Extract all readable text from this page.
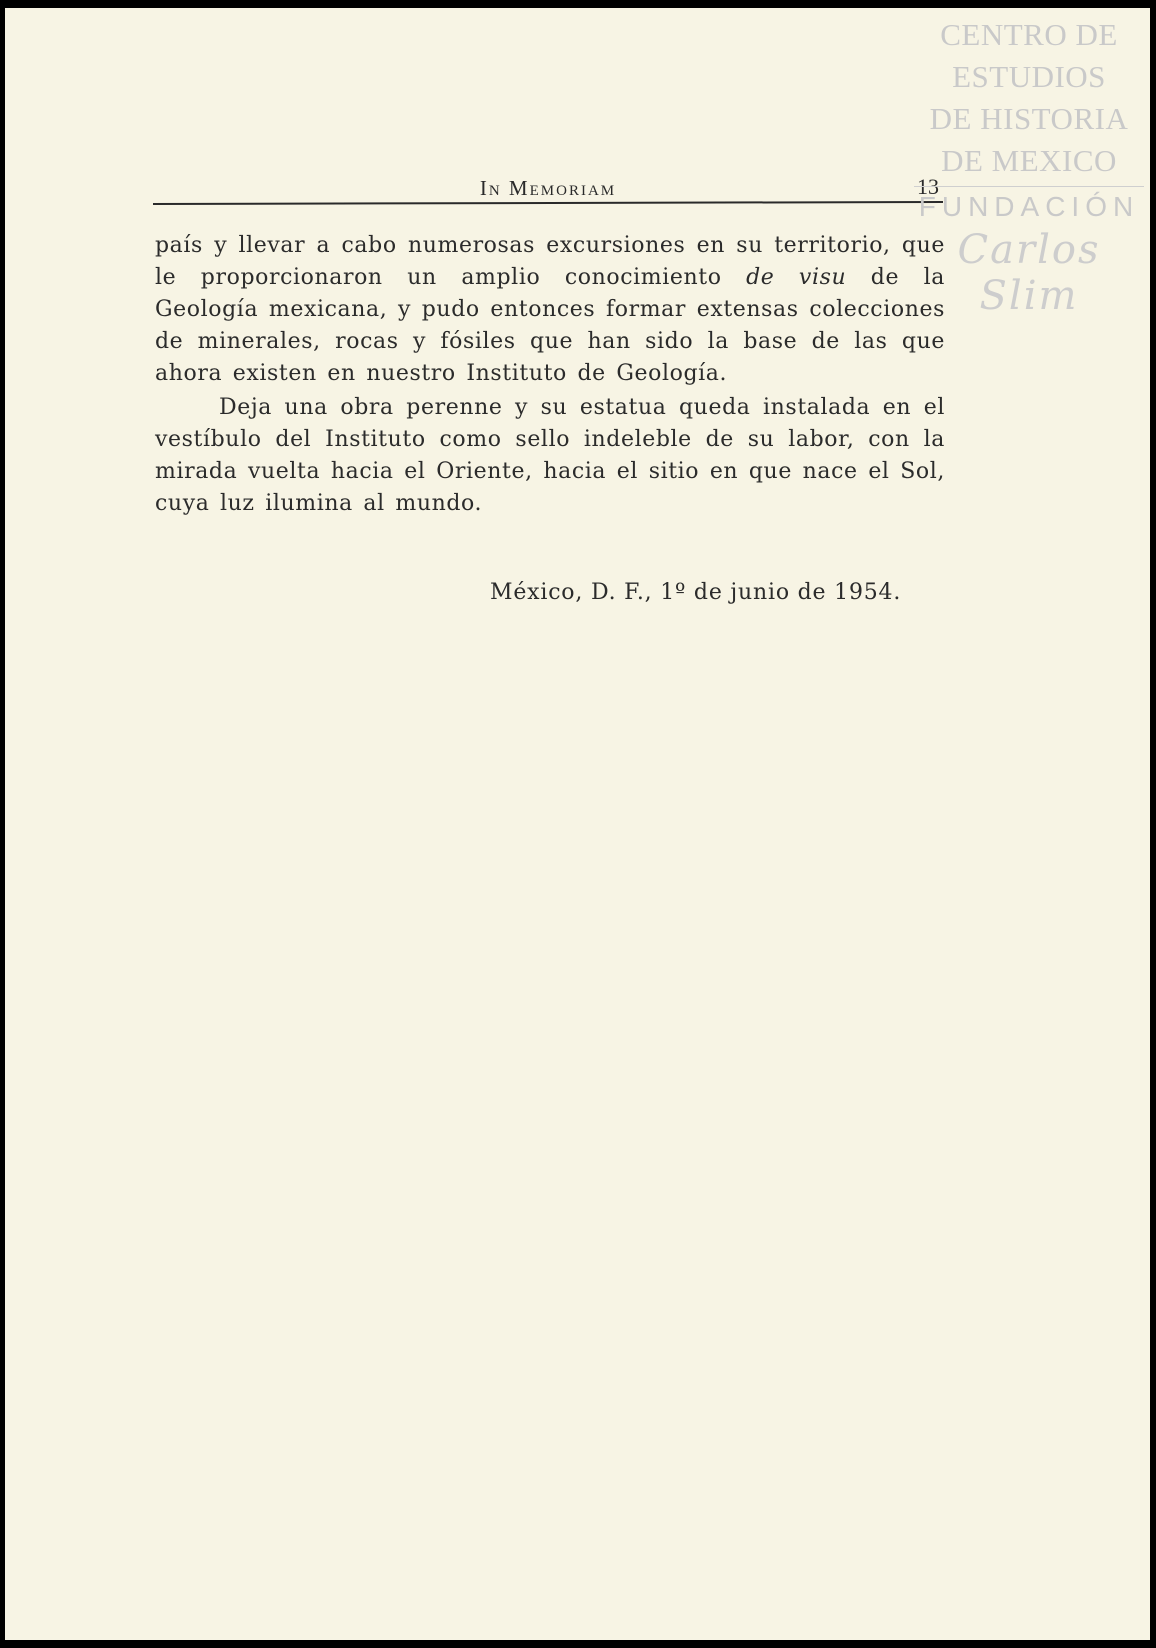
In Memoriam	13

país y llevar a cabo numerosas excursiones en su territorio, que le proporcionaron un amplio conocimiento de visu de la Geología mexicana, y pudo entonces formar extensas colecciones de minerales, rocas y fósiles que han sido la base de las que ahora existen en nuestro Instituto de Geología.

Deja una obra perenne y su estatua queda instalada en el vestíbulo del Instituto como sello indeleble de su labor, con la mirada vuelta hacia el Oriente, hacia el sitio en que nace el Sol, cuya luz ilumina al mundo.

México, D. F., 1º de junio de 1954.
CENTRO DE
ESTUDIOS
DE HISTORIA
DE MEXICO
FUNDACIÓN
Carlos Slim
